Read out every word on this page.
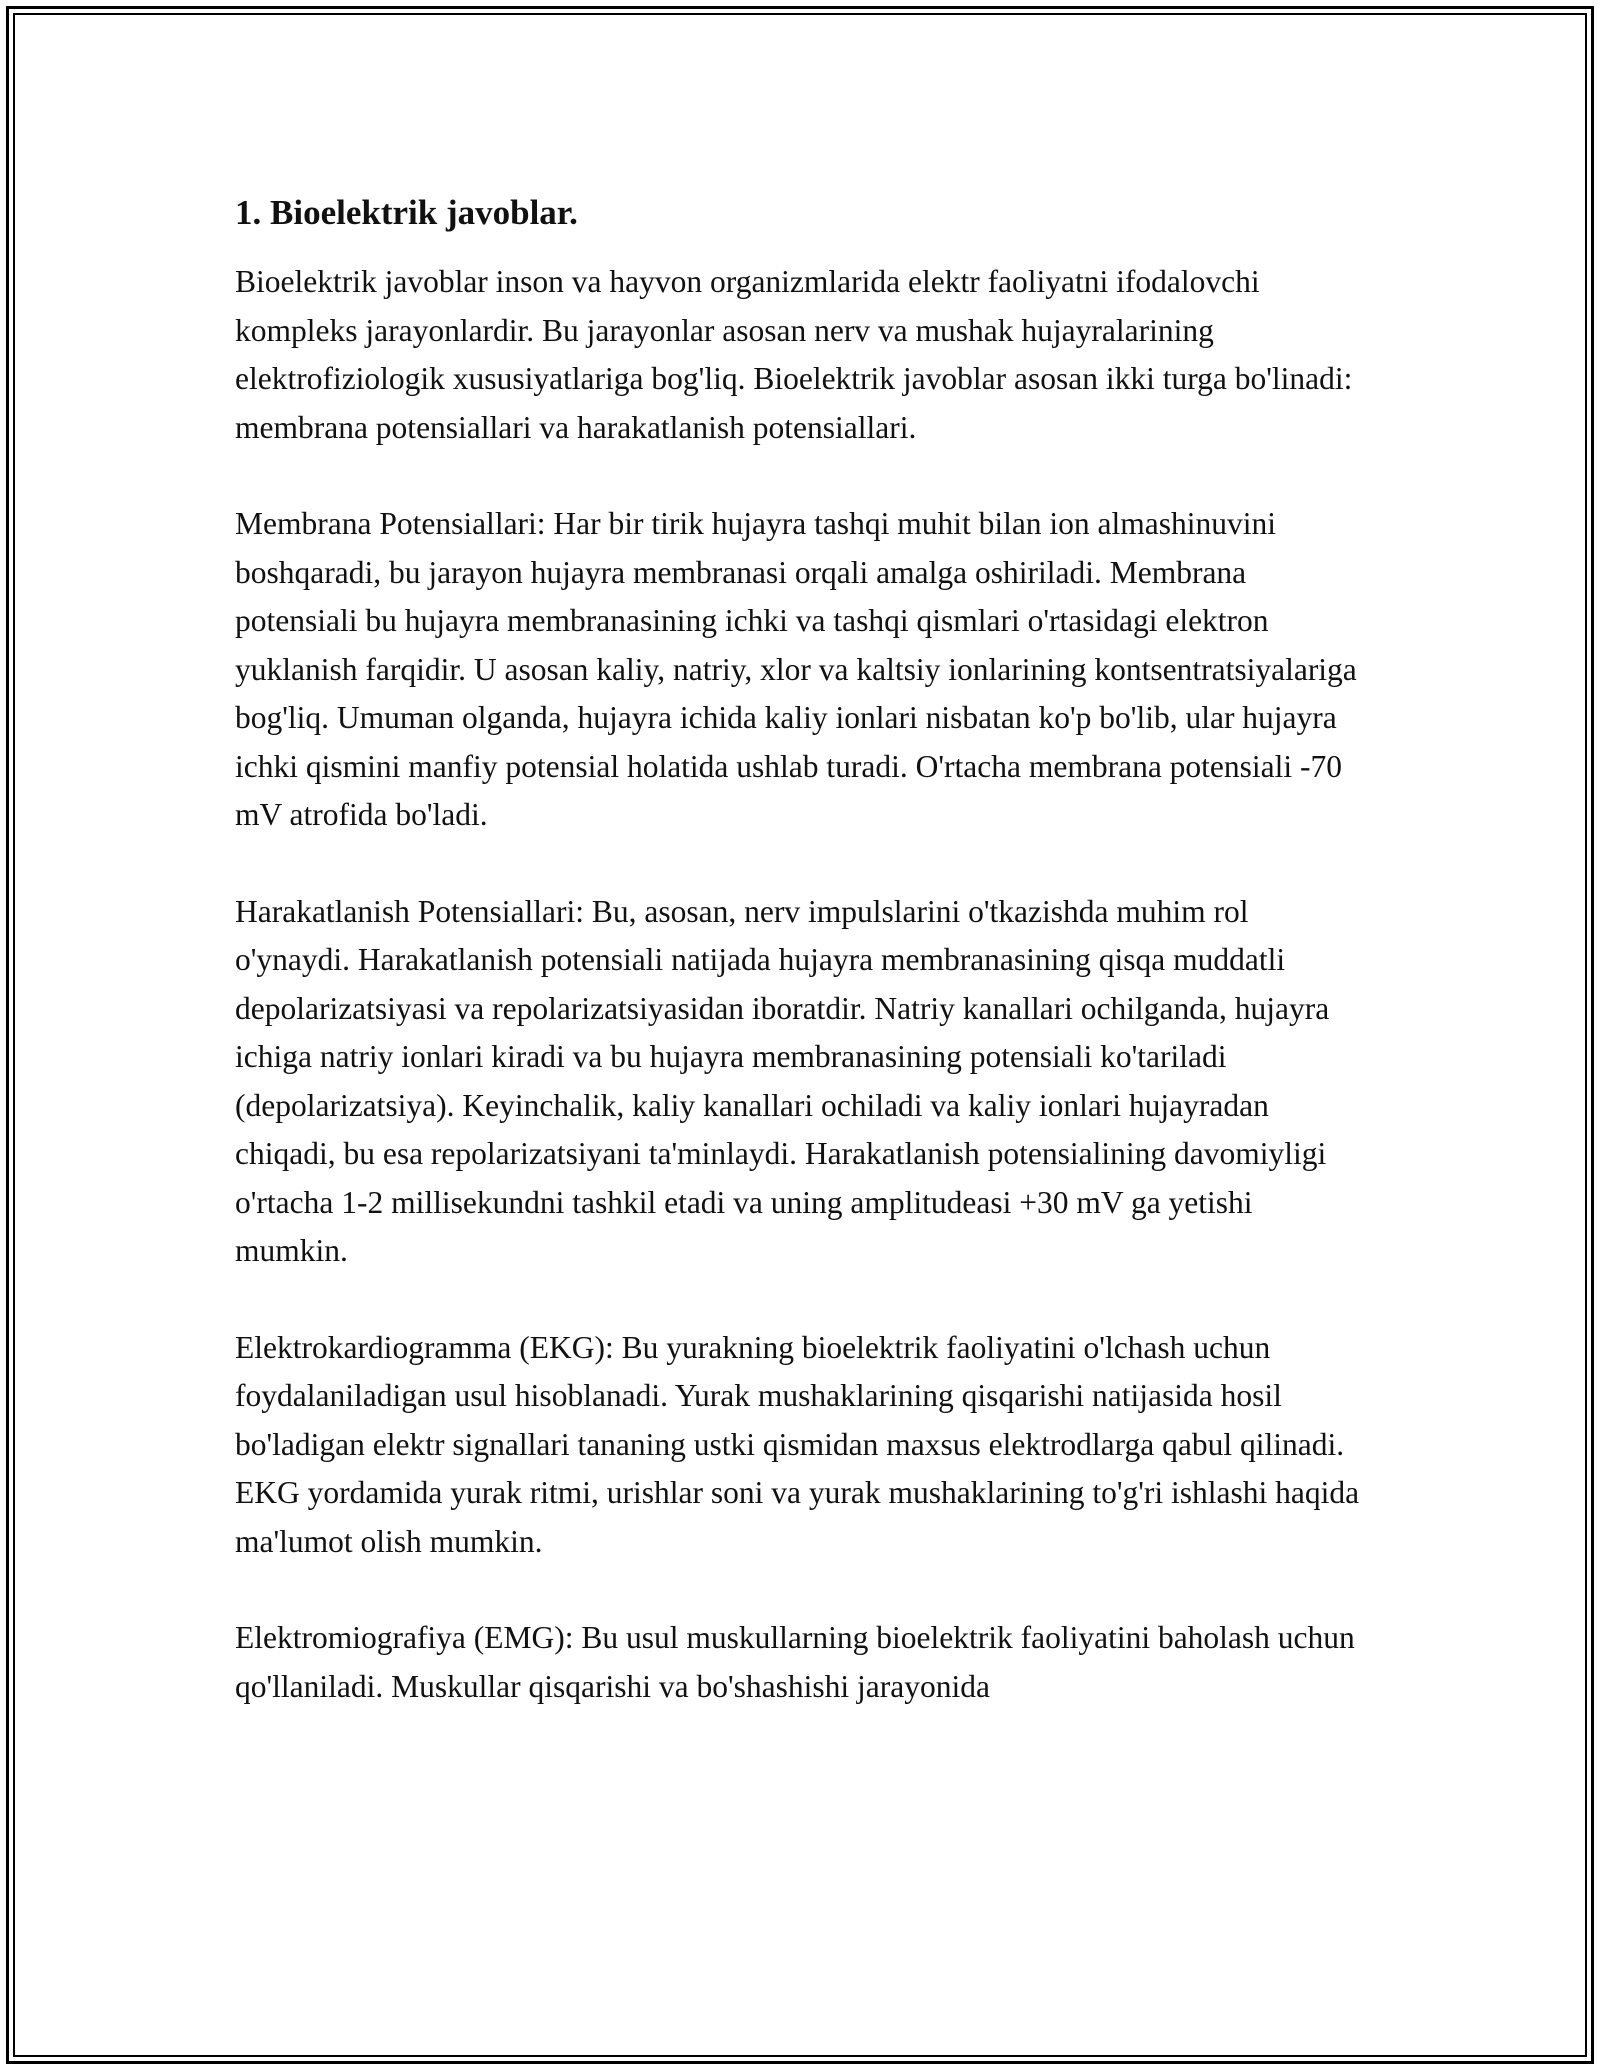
1. Bioelektrik javoblar.

Bioelektrik javoblar inson va hayvon organizmlarida elektr faoliyatni ifodalovchi kompleks jarayonlardir. Bu jarayonlar asosan nerv va mushak hujayralarining elektrofiziologik xususiyatlariga bog'liq. Bioelektrik javoblar asosan ikki turga bo'linadi: membrana potensiallari va harakatlanish potensiallari.

Membrana Potensiallari: Har bir tirik hujayra tashqi muhit bilan ion almashinuvini boshqaradi, bu jarayon hujayra membranasi orqali amalga oshiriladi. Membrana potensiali bu hujayra membranasining ichki va tashqi qismlari o'rtasidagi elektron yuklanish farqidir. U asosan kaliy, natriy, xlor va kaltsiy ionlarining kontsentratsiyalariga bog'liq. Umuman olganda, hujayra ichida kaliy ionlari nisbatan ko'p bo'lib, ular hujayra ichki qismini manfiy potensial holatida ushlab turadi. O'rtacha membrana potensiali -70 mV atrofida bo'ladi.

Harakatlanish Potensiallari: Bu, asosan, nerv impulslarini o'tkazishda muhim rol o'ynaydi. Harakatlanish potensiali natijada hujayra membranasining qisqa muddatli depolarizatsiyasi va repolarizatsiyasidan iboratdir. Natriy kanallari ochilganda, hujayra ichiga natriy ionlari kiradi va bu hujayra membranasining potensiali ko'tariladi (depolarizatsiya). Keyinchalik, kaliy kanallari ochiladi va kaliy ionlari hujayradan chiqadi, bu esa repolarizatsiyani ta'minlaydi. Harakatlanish potensialining davomiyligi o'rtacha 1-2 millisekundni tashkil etadi va uning amplitudeasi +30 mV ga yetishi mumkin.

Elektrokardiogramma (EKG): Bu yurakning bioelektrik faoliyatini o'lchash uchun foydalaniladigan usul hisoblanadi. Yurak mushaklarining qisqarishi natijasida hosil bo'ladigan elektr signallari tananing ustki qismidan maxsus elektrodlarga qabul qilinadi. EKG yordamida yurak ritmi, urishlar soni va yurak mushaklarining to'g'ri ishlashi haqida ma'lumot olish mumkin.

Elektromiografiya (EMG): Bu usul muskullarning bioelektrik faoliyatini baholash uchun qo'llaniladi. Muskullar qisqarishi va bo'shashishi jarayonida
